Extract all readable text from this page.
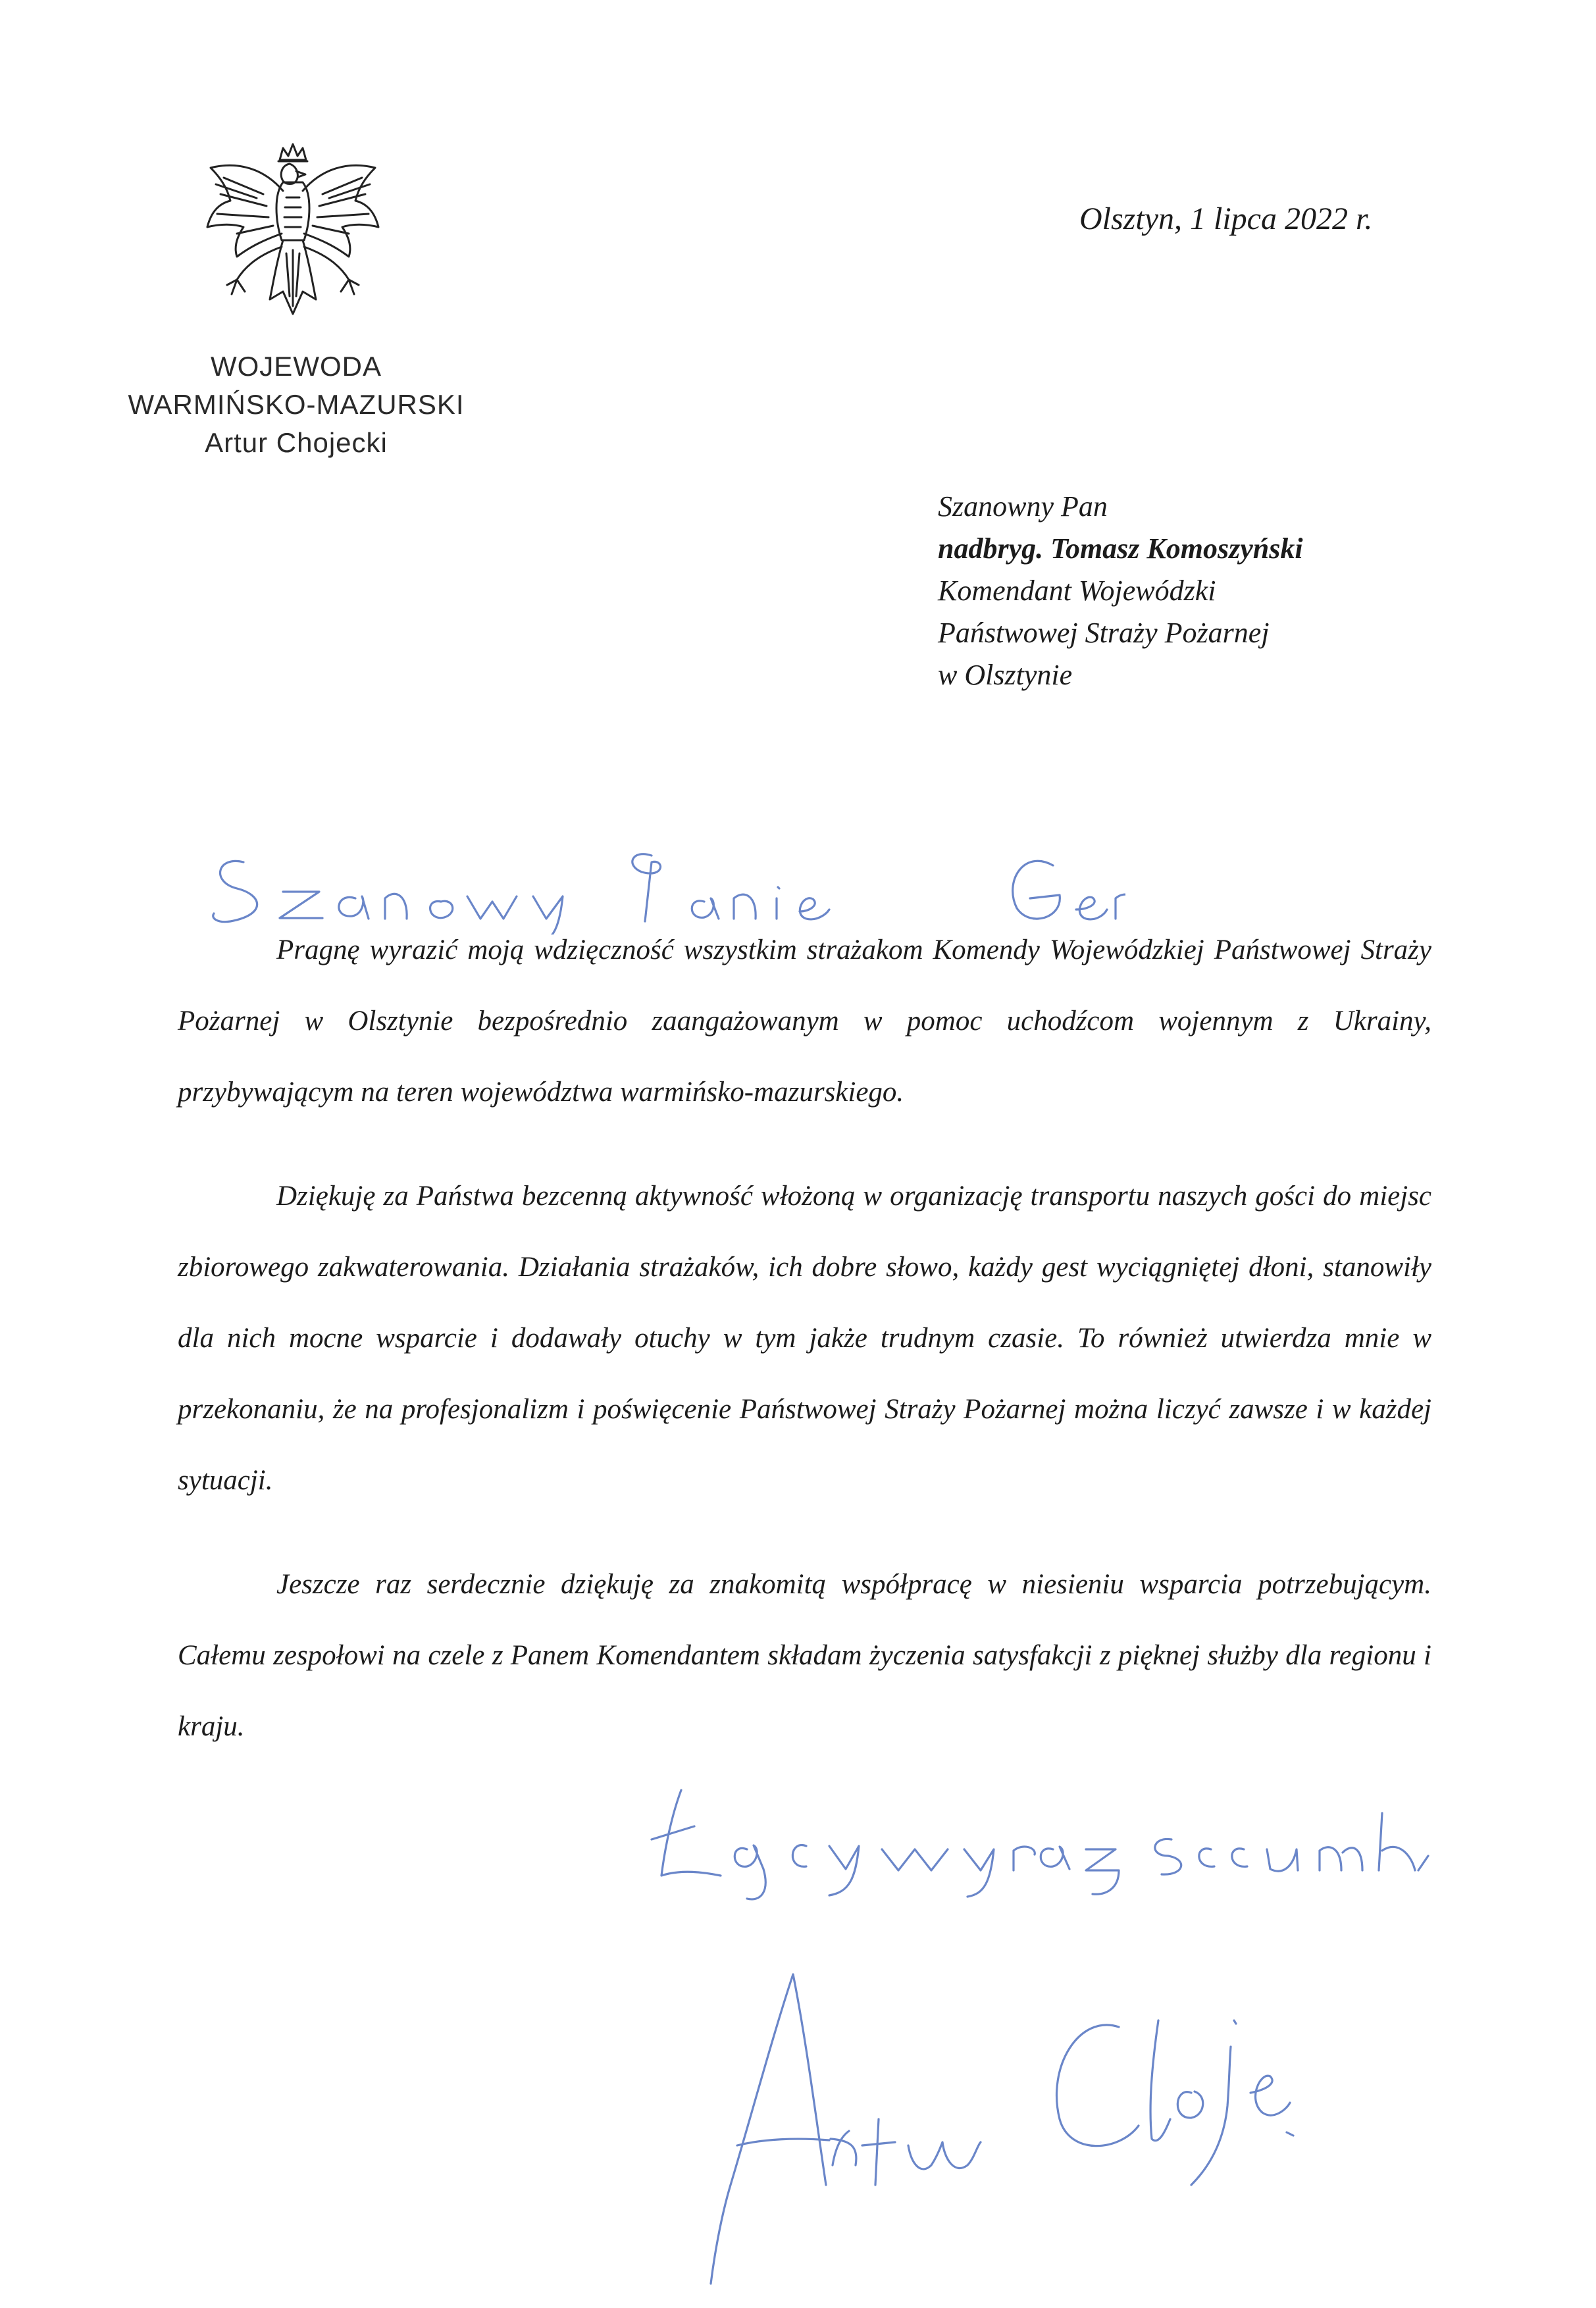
WOJEWODA
WARMIŃSKO-MAZURSKI
Artur Chojecki
Olsztyn, 1 lipca 2022 r.
Szanowny Pan
nadbryg. Tomasz Komoszyński
Komendant Wojewódzki
Państwowej Straży Pożarnej
w Olsztynie

Pragnę wyrazić moją wdzięczność wszystkim strażakom Komendy Wojewódzkiej Państwowej Straży Pożarnej w Olsztynie bezpośrednio zaangażowanym w pomoc uchodźcom wojennym z Ukrainy, przybywającym na teren województwa warmińsko-mazurskiego.

Dziękuję za Państwa bezcenną aktywność włożoną w organizację transportu naszych gości do miejsc zbiorowego zakwaterowania. Działania strażaków, ich dobre słowo, każdy gest wyciągniętej dłoni, stanowiły dla nich mocne wsparcie i dodawały otuchy w tym jakże trudnym czasie. To również utwierdza mnie w przekonaniu, że na profesjonalizm i poświęcenie Państwowej Straży Pożarnej można liczyć zawsze i w każdej sytuacji.

Jeszcze raz serdecznie dziękuję za znakomitą współpracę w niesieniu wsparcia potrzebującym. Całemu zespołowi na czele z Panem Komendantem składam życzenia satysfakcji z pięknej służby dla regionu i kraju.
